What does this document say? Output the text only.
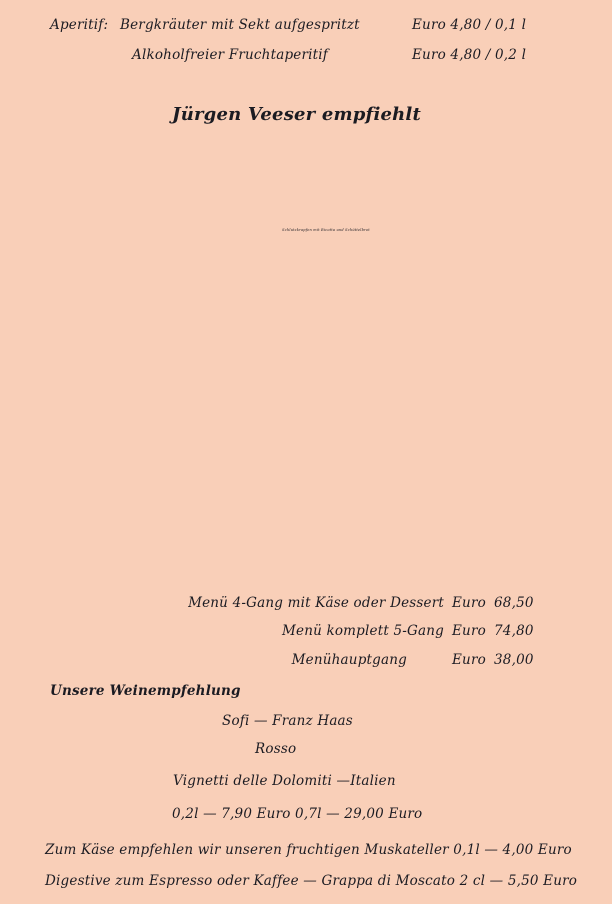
Aperitif: Bergkräuter mit Sekt aufgespritzt	Euro 4,80 / 0,1 l
Alkoholfreier Fruchtaperitif	Euro 4,80 / 0,2 l
Jürgen Veeser empfiehlt
Schlutzkrapfen mit Ricotta und Schüttelbrot
Menü 4-Gang mit Käse oder Dessert Euro 68,50
Menü komplett 5-Gang Euro 74,80
Menühauptgang	Euro 38,00
Unsere Weinempfehlung
Sofi — Franz Haas
Rosso
Vignetti delle Dolomiti —Italien
0,2l — 7,90 Euro 0,7l — 29,00 Euro
Zum Käse empfehlen wir unseren fruchtigen Muskateller 0,1l — 4,00 Euro
Digestive zum Espresso oder Kaffee — Grappa di Moscato 2 cl — 5,50 Euro
